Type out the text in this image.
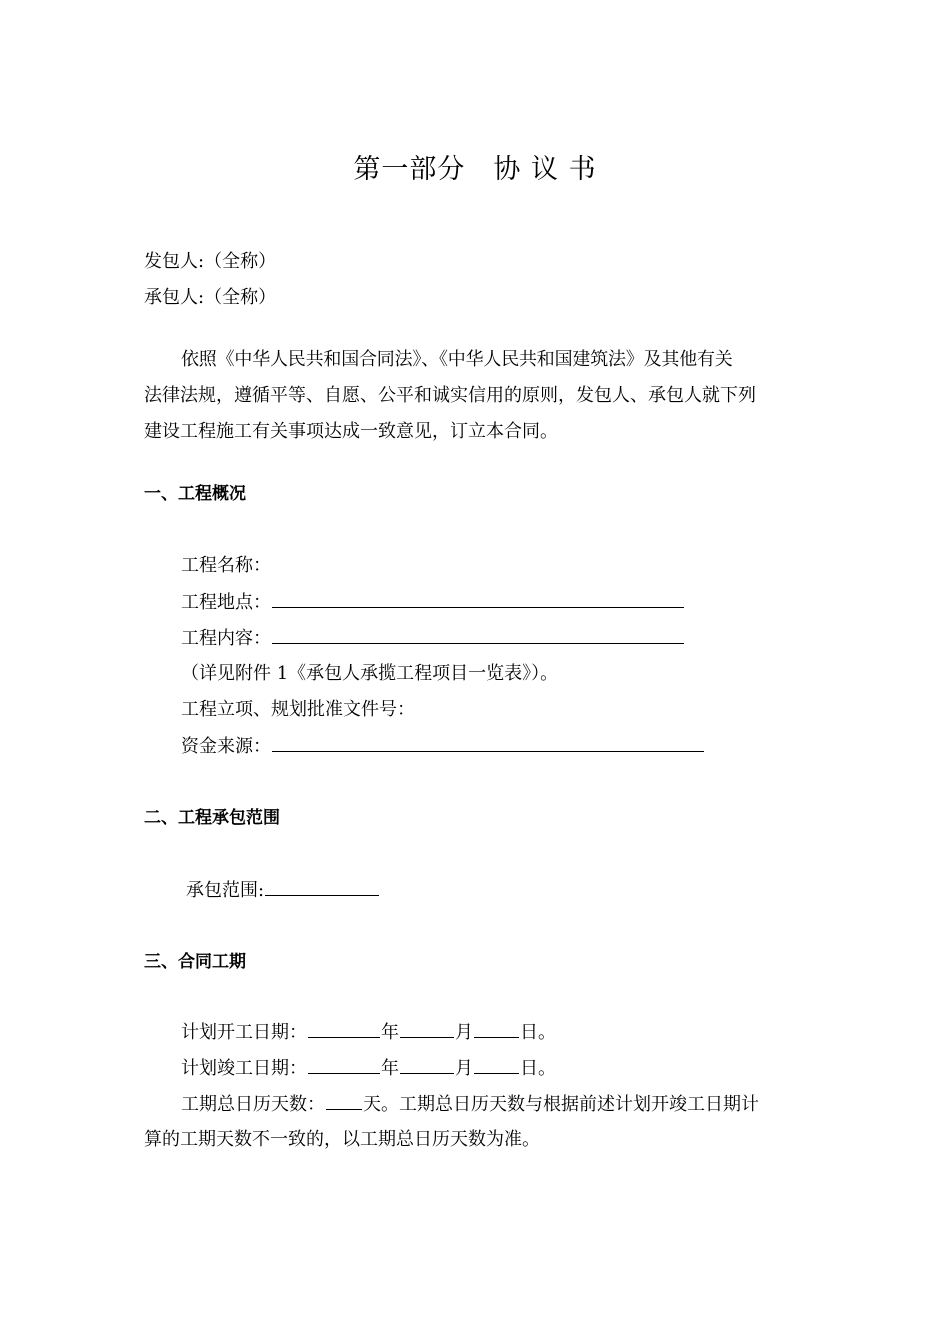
第一部分　协 议 书
发包人:（全称）
承包人:（全称）
依照《中华人民共和国合同法》、《中华人民共和国建筑法》及其他有关
法律法规，遵循平等、自愿、公平和诚实信用的原则，发包人、承包人就下列
建设工程施工有关事项达成一致意见，订立本合同。
一、工程概况
工程名称：
工程地点：
工程内容：
（详见附件 1《承包人承揽工程项目一览表》）。
工程立项、规划批准文件号：
资金来源：
二、工程承包范围
承包范围:
三、合同工期
计划开工日期：	年	月	日。
计划竣工日期：	年	月	日。
工期总日历天数： 天。工期总日历天数与根据前述计划开竣工日期计
算的工期天数不一致的，以工期总日历天数为准。
